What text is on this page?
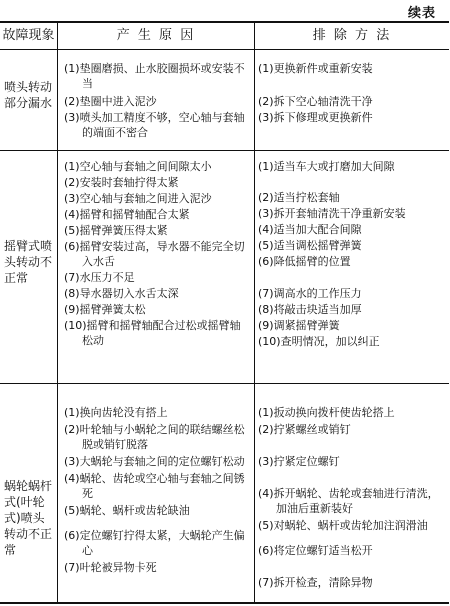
续表
故障现象	产 生 原 因	排 除 方 法
喷头转动部分漏水
(1)垫圈磨损、止水胶圈损坏或安装不当
(2)垫圈中进入泥沙
(3)喷头加工精度不够，空心轴与套轴的端面不密合
(1)更换新件或重新安装
(2)拆下空心轴清洗干净
(3)拆下修理或更换新件
摇臂式喷头转动不正常
(1)空心轴与套轴之间间隙太小
(2)安装时套轴拧得太紧
(3)空心轴与套轴之间进入泥沙
(4)摇臂和摇臂轴配合太紧
(5)摇臂弹簧压得太紧
(6)摇臂安装过高，导水器不能完全切入水舌
(7)水压力不足
(8)导水器切入水舌太深
(9)摇臂弹簧太松
(10)摇臂和摇臂轴配合过松或摇臂轴松动
(1)适当车大或打磨加大间隙
(2)适当拧松套轴
(3)拆开套轴清洗干净重新安装
(4)适当加大配合间隙
(5)适当调松摇臂弹簧
(6)降低摇臂的位置
(7)调高水的工作压力
(8)将敲击块适当加厚
(9)调紧摇臂弹簧
(10)查明情况，加以纠正
蜗轮蜗杆式(叶轮式)喷头转动不正常
(1)换向齿轮没有搭上
(2)叶轮轴与小蜗轮之间的联结螺丝松脱或销钉脱落
(3)大蜗轮与套轴之间的定位螺钉松动
(4)蜗轮、齿轮或空心轴与套轴之间锈死
(5)蜗轮、蜗杆或齿轮缺油
(6)定位螺钉拧得太紧，大蜗轮产生偏心
(7)叶轮被异物卡死
(1)扳动换向拨杆使齿轮搭上
(2)拧紧螺丝或销钉
(3)拧紧定位螺钉
(4)拆开蜗轮、齿轮或套轴进行清洗，加油后重新装好
(5)对蜗轮、蜗杆或齿轮加注润滑油
(6)将定位螺钉适当松开
(7)拆开检查，清除异物
